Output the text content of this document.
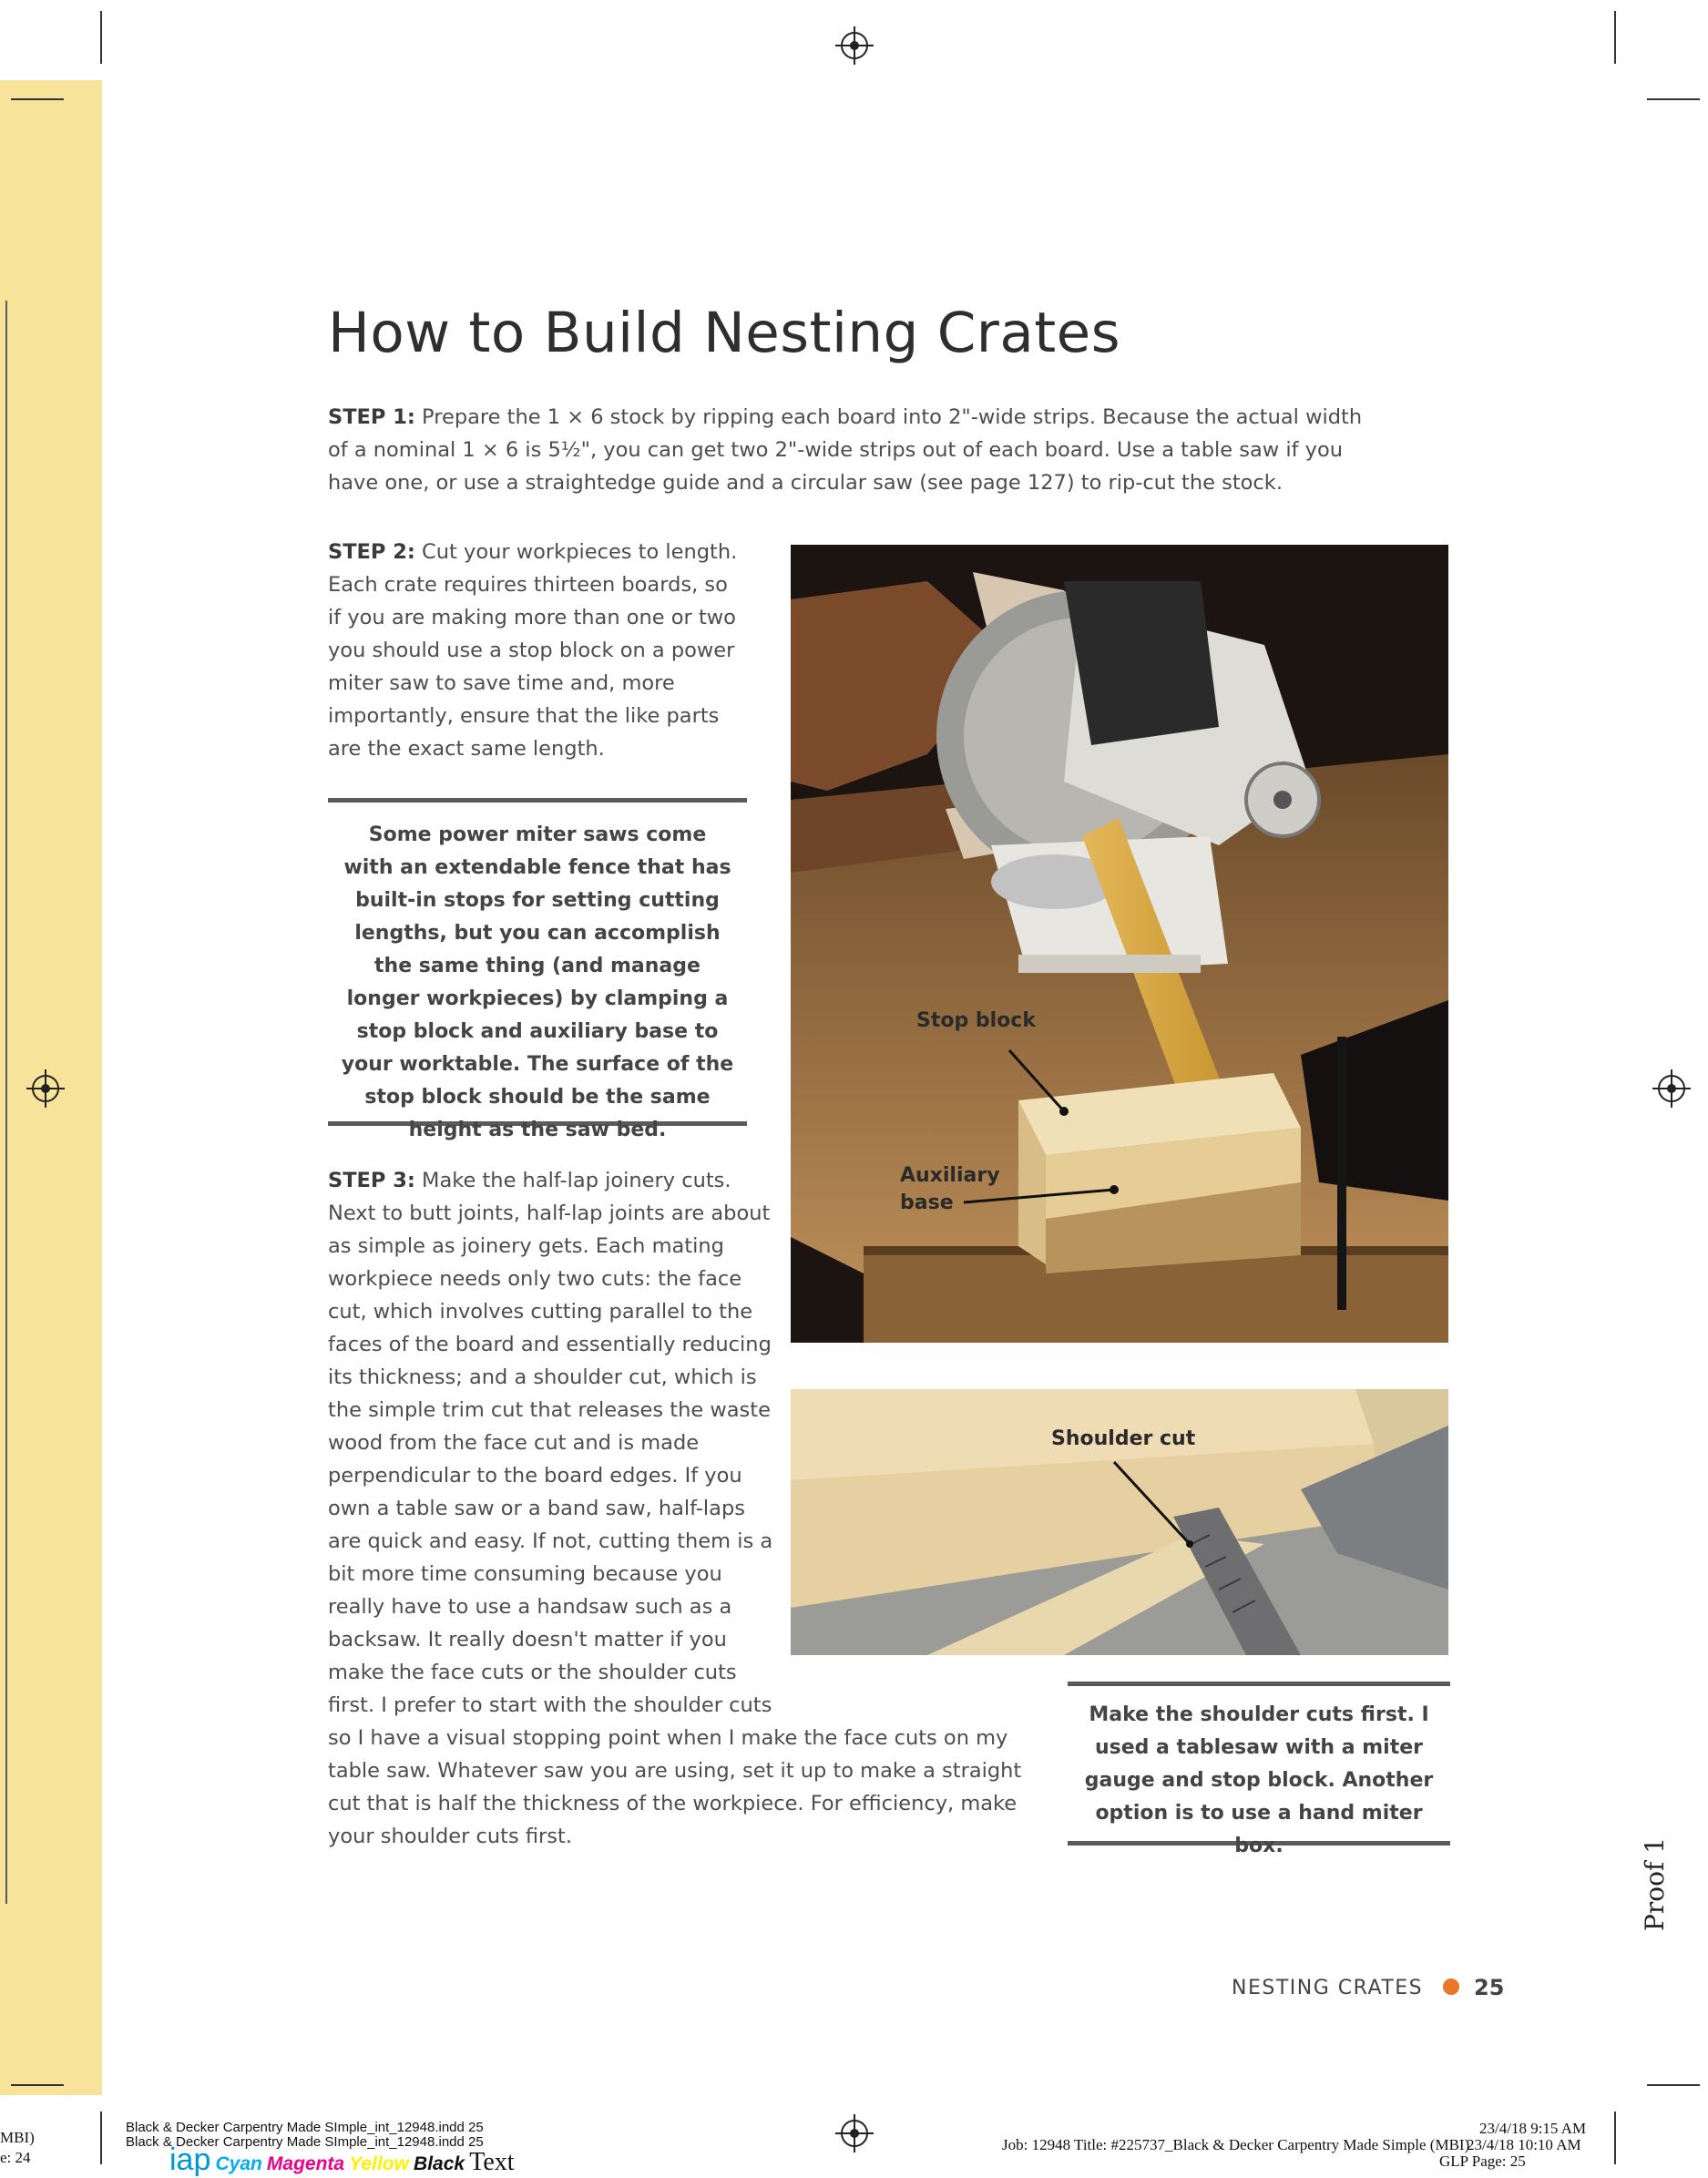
How to Build Nesting Crates

STEP 1: Prepare the 1 × 6 stock by ripping each board into 2"-wide strips. Because the actual width of a nominal 1 × 6 is 5½", you can get two 2"-wide strips out of each board. Use a table saw if you have one, or use a straightedge guide and a circular saw (see page 127) to rip-cut the stock.

STEP 2: Cut your workpieces to length. Each crate requires thirteen boards, so if you are making more than one or two you should use a stop block on a power miter saw to save time and, more importantly, ensure that the like parts are the exact same length.

Some power miter saws come with an extendable fence that has built-in stops for setting cutting lengths, but you can accomplish the same thing (and manage longer workpieces) by clamping a stop block and auxiliary base to your worktable. The surface of the stop block should be the same height as the saw bed.

STEP 3: Make the half-lap joinery cuts. Next to butt joints, half-lap joints are about as simple as joinery gets. Each mating workpiece needs only two cuts: the face cut, which involves cutting parallel to the faces of the board and essentially reducing its thickness; and a shoulder cut, which is the simple trim cut that releases the waste wood from the face cut and is made perpendicular to the board edges. If you own a table saw or a band saw, half-laps are quick and easy. If not, cutting them is a bit more time consuming because you really have to use a handsaw such as a backsaw. It really doesn't matter if you make the face cuts or the shoulder cuts first. I prefer to start with the shoulder cuts so I have a visual stopping point when I make the face cuts on my table saw. Whatever saw you are using, set it up to make a straight cut that is half the thickness of the workpiece. For efficiency, make your shoulder cuts first.

Stop block
Auxiliary
base
Shoulder cut
Make the shoulder cuts first. I used a tablesaw with a miter gauge and stop block. Another option is to use a hand miter box.
NESTING CRATES 25
Proof 1
MBI)
e: 24
Black & Decker Carpentry Made SImple_int_12948.indd 25
Black & Decker Carpentry Made SImple_int_12948.indd 25
iap Cyan Magenta Yellow Black Text
Job: 12948 Title: #225737_Black & Decker Carpentry Made Simple (MBI)
23/4/18 9:15 AM
23/4/18 10:10 AM
GLP Page: 25
